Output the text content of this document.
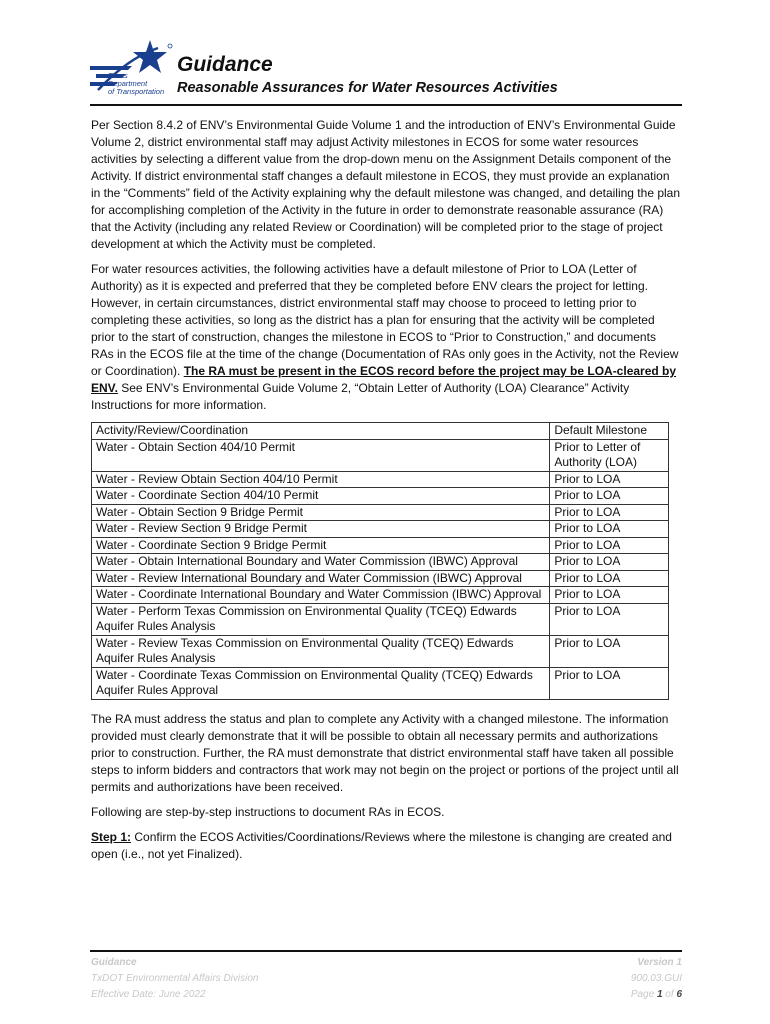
Texas
Department
of Transportation
Guidance
Reasonable Assurances for Water Resources Activities

Per Section 8.4.2 of ENV’s Environmental Guide Volume 1 and the introduction of ENV’s Environmental Guide Volume 2, district environmental staff may adjust Activity milestones in ECOS for some water resources activities by selecting a different value from the drop-down menu on the Assignment Details component of the Activity. If district environmental staff changes a default milestone in ECOS, they must provide an explanation in the “Comments” field of the Activity explaining why the default milestone was changed, and detailing the plan for accomplishing completion of the Activity in the future in order to demonstrate reasonable assurance (RA) that the Activity (including any related Review or Coordination) will be completed prior to the stage of project development at which the Activity must be completed.

For water resources activities, the following activities have a default milestone of Prior to LOA (Letter of Authority) as it is expected and preferred that they be completed before ENV clears the project for letting. However, in certain circumstances, district environmental staff may choose to proceed to letting prior to completing these activities, so long as the district has a plan for ensuring that the activity will be completed prior to the start of construction, changes the milestone in ECOS to “Prior to Construction,” and documents RAs in the ECOS file at the time of the change (Documentation of RAs only goes in the Activity, not the Review or Coordination). The RA must be present in the ECOS record before the project may be LOA-cleared by ENV. See ENV’s Environmental Guide Volume 2, “Obtain Letter of Authority (LOA) Clearance” Activity Instructions for more information.

Activity/Review/Coordination	Default Milestone
Water - Obtain Section 404/10 Permit	Prior to Letter of Authority (LOA)
Water - Review Obtain Section 404/10 Permit	Prior to LOA
Water - Coordinate Section 404/10 Permit	Prior to LOA
Water - Obtain Section 9 Bridge Permit	Prior to LOA
Water - Review Section 9 Bridge Permit	Prior to LOA
Water - Coordinate Section 9 Bridge Permit	Prior to LOA
Water - Obtain International Boundary and Water Commission (IBWC) Approval	Prior to LOA
Water - Review International Boundary and Water Commission (IBWC) Approval	Prior to LOA
Water - Coordinate International Boundary and Water Commission (IBWC) Approval	Prior to LOA
Water - Perform Texas Commission on Environmental Quality (TCEQ) Edwards Aquifer Rules Analysis	Prior to LOA
Water - Review Texas Commission on Environmental Quality (TCEQ) Edwards Aquifer Rules Analysis	Prior to LOA
Water - Coordinate Texas Commission on Environmental Quality (TCEQ) Edwards Aquifer Rules Approval	Prior to LOA

The RA must address the status and plan to complete any Activity with a changed milestone. The information provided must clearly demonstrate that it will be possible to obtain all necessary permits and authorizations prior to construction. Further, the RA must demonstrate that district environmental staff have taken all possible steps to inform bidders and contractors that work may not begin on the project or portions of the project until all permits and authorizations have been received.

Following are step-by-step instructions to document RAs in ECOS.

Step 1: Confirm the ECOS Activities/Coordinations/Reviews where the milestone is changing are created and open (i.e., not yet Finalized).

Guidance
TxDOT Environmental Affairs Division
Effective Date: June 2022
Version 1
900.03.GUI
Page 1 of 6
